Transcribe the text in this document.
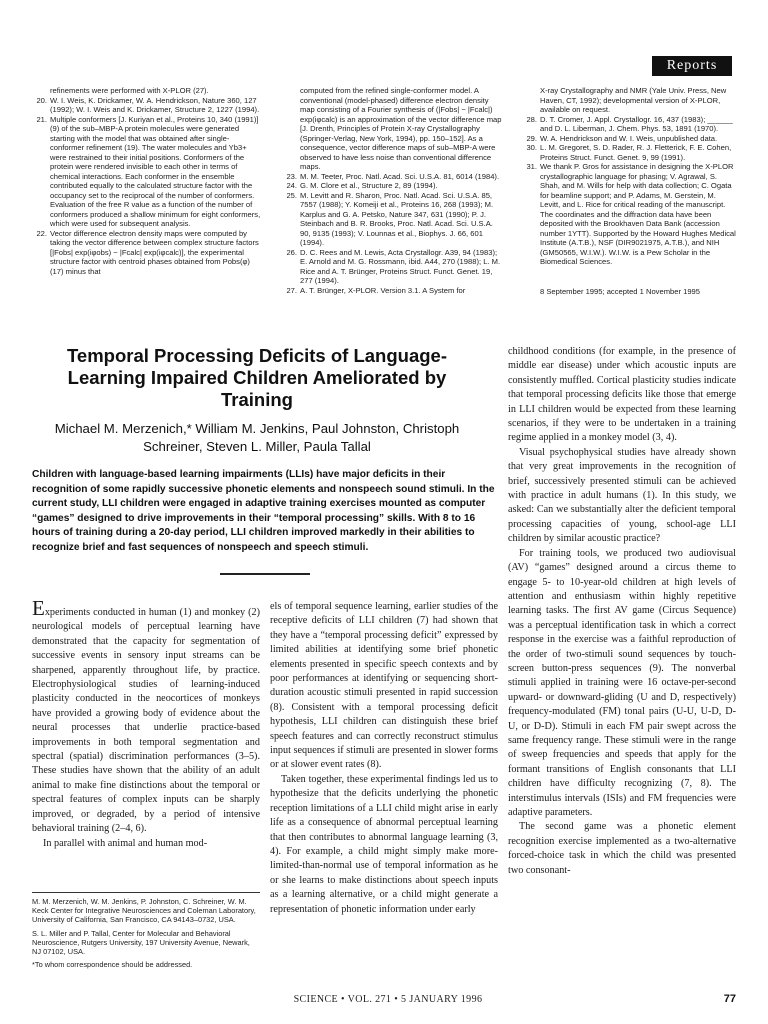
Reports
refinements were performed with X-PLOR (27).
20. W. I. Weis, K. Drickamer, W. A. Hendrickson, Nature 360, 127 (1992); W. I. Weis and K. Drickamer, Structure 2, 1227 (1994).
21. Multiple conformers [J. Kuriyan et al., Proteins 10, 340 (1991)] (9) of the sub–MBP-A protein molecules were generated starting with the model that was obtained after single-conformer refinement (19). The water molecules and Yb3+ were restrained to their initial positions. Conformers of the protein were rendered invisible to each other in terms of chemical interactions. Each conformer in the ensemble contributed equally to the calculated structure factor with the occupancy set to the reciprocal of the number of conformers. Evaluation of the free R value as a function of the number of conformers produced a shallow minimum for eight conformers, which were used for subsequent analysis.
22. Vector difference electron density maps were computed by taking the vector difference between complex structure factors [|Fobs| exp(iφobs) − |Fcalc| exp(iφcalc)], the experimental structure factor with centroid phases obtained from Pobs(φ) (17) minus that
computed from the refined single-conformer model. A conventional (model-phased) difference electron density map consisting of a Fourier synthesis of (|Fobs| − |Fcalc|) exp(iφcalc) is an approximation of the vector difference map [J. Drenth, Principles of Protein X-ray Crystallography (Springer-Verlag, New York, 1994), pp. 150–152]. As a consequence, vector difference maps of sub–MBP-A were observed to have less noise than conventional difference maps.
23. M. M. Teeter, Proc. Natl. Acad. Sci. U.S.A. 81, 6014 (1984).
24. G. M. Clore et al., Structure 2, 89 (1994).
25. M. Levitt and R. Sharon, Proc. Natl. Acad. Sci. U.S.A. 85, 7557 (1988); Y. Komeiji et al., Proteins 16, 268 (1993); M. Karplus and G. A. Petsko, Nature 347, 631 (1990); P. J. Steinbach and B. R. Brooks, Proc. Natl. Acad. Sci. U.S.A. 90, 9135 (1993); V. Lounnas et al., Biophys. J. 66, 601 (1994).
26. D. C. Rees and M. Lewis, Acta Crystallogr. A39, 94 (1983); E. Arnold and M. G. Rossmann, ibid. A44, 270 (1988); L. M. Rice and A. T. Brünger, Proteins Struct. Funct. Genet. 19, 277 (1994).
27. A. T. Brünger, X-PLOR. Version 3.1. A System for
X-ray Crystallography and NMR (Yale Univ. Press, New Haven, CT, 1992); developmental version of X-PLOR, available on request.
28. D. T. Cromer, J. Appl. Crystallogr. 16, 437 (1983); ______ and D. L. Liberman, J. Chem. Phys. 53, 1891 (1970).
29. W. A. Hendrickson and W. I. Weis, unpublished data.
30. L. M. Gregoret, S. D. Rader, R. J. Fletterick, F. E. Cohen, Proteins Struct. Funct. Genet. 9, 99 (1991).
31. We thank P. Gros for assistance in designing the X-PLOR crystallographic language for phasing; V. Agrawal, S. Shah, and M. Wills for help with data collection; C. Ogata for beamline support; and P. Adams, M. Gerstein, M. Levitt, and L. Rice for critical reading of the manuscript. The coordinates and the diffraction data have been deposited with the Brookhaven Data Bank (accession number 1YTT). Supported by the Howard Hughes Medical Institute (A.T.B.), NSF (DIR9021975, A.T.B.), and NIH (GM50565, W.I.W.). W.I.W. is a Pew Scholar in the Biomedical Sciences.
8 September 1995; accepted 1 November 1995
Temporal Processing Deficits of Language-Learning Impaired Children Ameliorated by Training
Michael M. Merzenich,* William M. Jenkins, Paul Johnston, Christoph Schreiner, Steven L. Miller, Paula Tallal
Children with language-based learning impairments (LLIs) have major deficits in their recognition of some rapidly successive phonetic elements and nonspeech sound stimuli. In the current study, LLI children were engaged in adaptive training exercises mounted as computer “games” designed to drive improvements in their “temporal processing” skills. With 8 to 16 hours of training during a 20-day period, LLI children improved markedly in their abilities to recognize brief and fast sequences of nonspeech and speech stimuli.

Experiments conducted in human (1) and monkey (2) neurological models of perceptual learning have demonstrated that the capacity for segmentation of successive events in sensory input streams can be sharpened, apparently throughout life, by practice. Electrophysiological studies of learning-induced plasticity conducted in the neocortices of monkeys have provided a growing body of evidence about the neural processes that underlie practice-based improvements in both temporal segmentation and spectral (spatial) discrimination performances (3–5). These studies have shown that the ability of an adult animal to make fine distinctions about the temporal or spectral features of complex inputs can be sharply improved, or degraded, by a period of intensive behavioral training (2–4, 6).

In parallel with animal and human mod-

M. M. Merzenich, W. M. Jenkins, P. Johnston, C. Schreiner, W. M. Keck Center for Integrative Neurosciences and Coleman Laboratory, University of California, San Francisco, CA 94143–0732, USA.

S. L. Miller and P. Tallal, Center for Molecular and Behavioral Neuroscience, Rutgers University, 197 University Avenue, Newark, NJ 07102, USA.

*To whom correspondence should be addressed.

els of temporal sequence learning, earlier studies of the receptive deficits of LLI children (7) had shown that they have a “temporal processing deficit” expressed by limited abilities at identifying some brief phonetic elements presented in specific speech contexts and by poor performances at identifying or sequencing short-duration acoustic stimuli presented in rapid succession (8). Consistent with a temporal processing deficit hypothesis, LLI children can distinguish these brief speech features and can correctly reconstruct stimulus input sequences if stimuli are presented in slower forms or at slower event rates (8).

Taken together, these experimental findings led us to hypothesize that the deficits underlying the phonetic reception limitations of a LLI child might arise in early life as a consequence of abnormal perceptual learning that then contributes to abnormal language learning (3, 4). For example, a child might simply make more-limited-than-normal use of temporal information as he or she learns to make distinctions about speech inputs as a learning alternative, or a child might generate a representation of phonetic information under early

childhood conditions (for example, in the presence of middle ear disease) under which acoustic inputs are consistently muffled. Cortical plasticity studies indicate that temporal processing deficits like those that emerge in LLI children would be expected from these learning scenarios, if they were to be undertaken in a training regime applied in a monkey model (3, 4).

Visual psychophysical studies have already shown that very great improvements in the recognition of brief, successively presented stimuli can be achieved with practice in adult humans (1). In this study, we asked: Can we substantially alter the deficient temporal processing capacities of young, school-age LLI children by similar acoustic practice?

For training tools, we produced two audiovisual (AV) “games” designed around a circus theme to engage 5- to 10-year-old children at high levels of attention and enthusiasm within highly repetitive learning tasks. The first AV game (Circus Sequence) was a perceptual identification task in which a correct response in the exercise was a faithful reproduction of the order of two-stimuli sound sequences by touch-screen button-press sequences (9). The nonverbal stimuli applied in training were 16 octave-per-second upward- or downward-gliding (U and D, respectively) frequency-modulated (FM) tonal pairs (U-U, U-D, D-U, or D-D). Stimuli in each FM pair swept across the same frequency range. These stimuli were in the range of sweep frequencies and speeds that apply for the formant transitions of English consonants that LLI children have difficulty recognizing (7, 8). The interstimulus intervals (ISIs) and FM frequencies were adaptive parameters.

The second game was a phonetic element recognition exercise implemented as a two-alternative forced-choice task in which the child was presented two consonant-

SCIENCE • VOL. 271 • 5 JANUARY 1996	77
